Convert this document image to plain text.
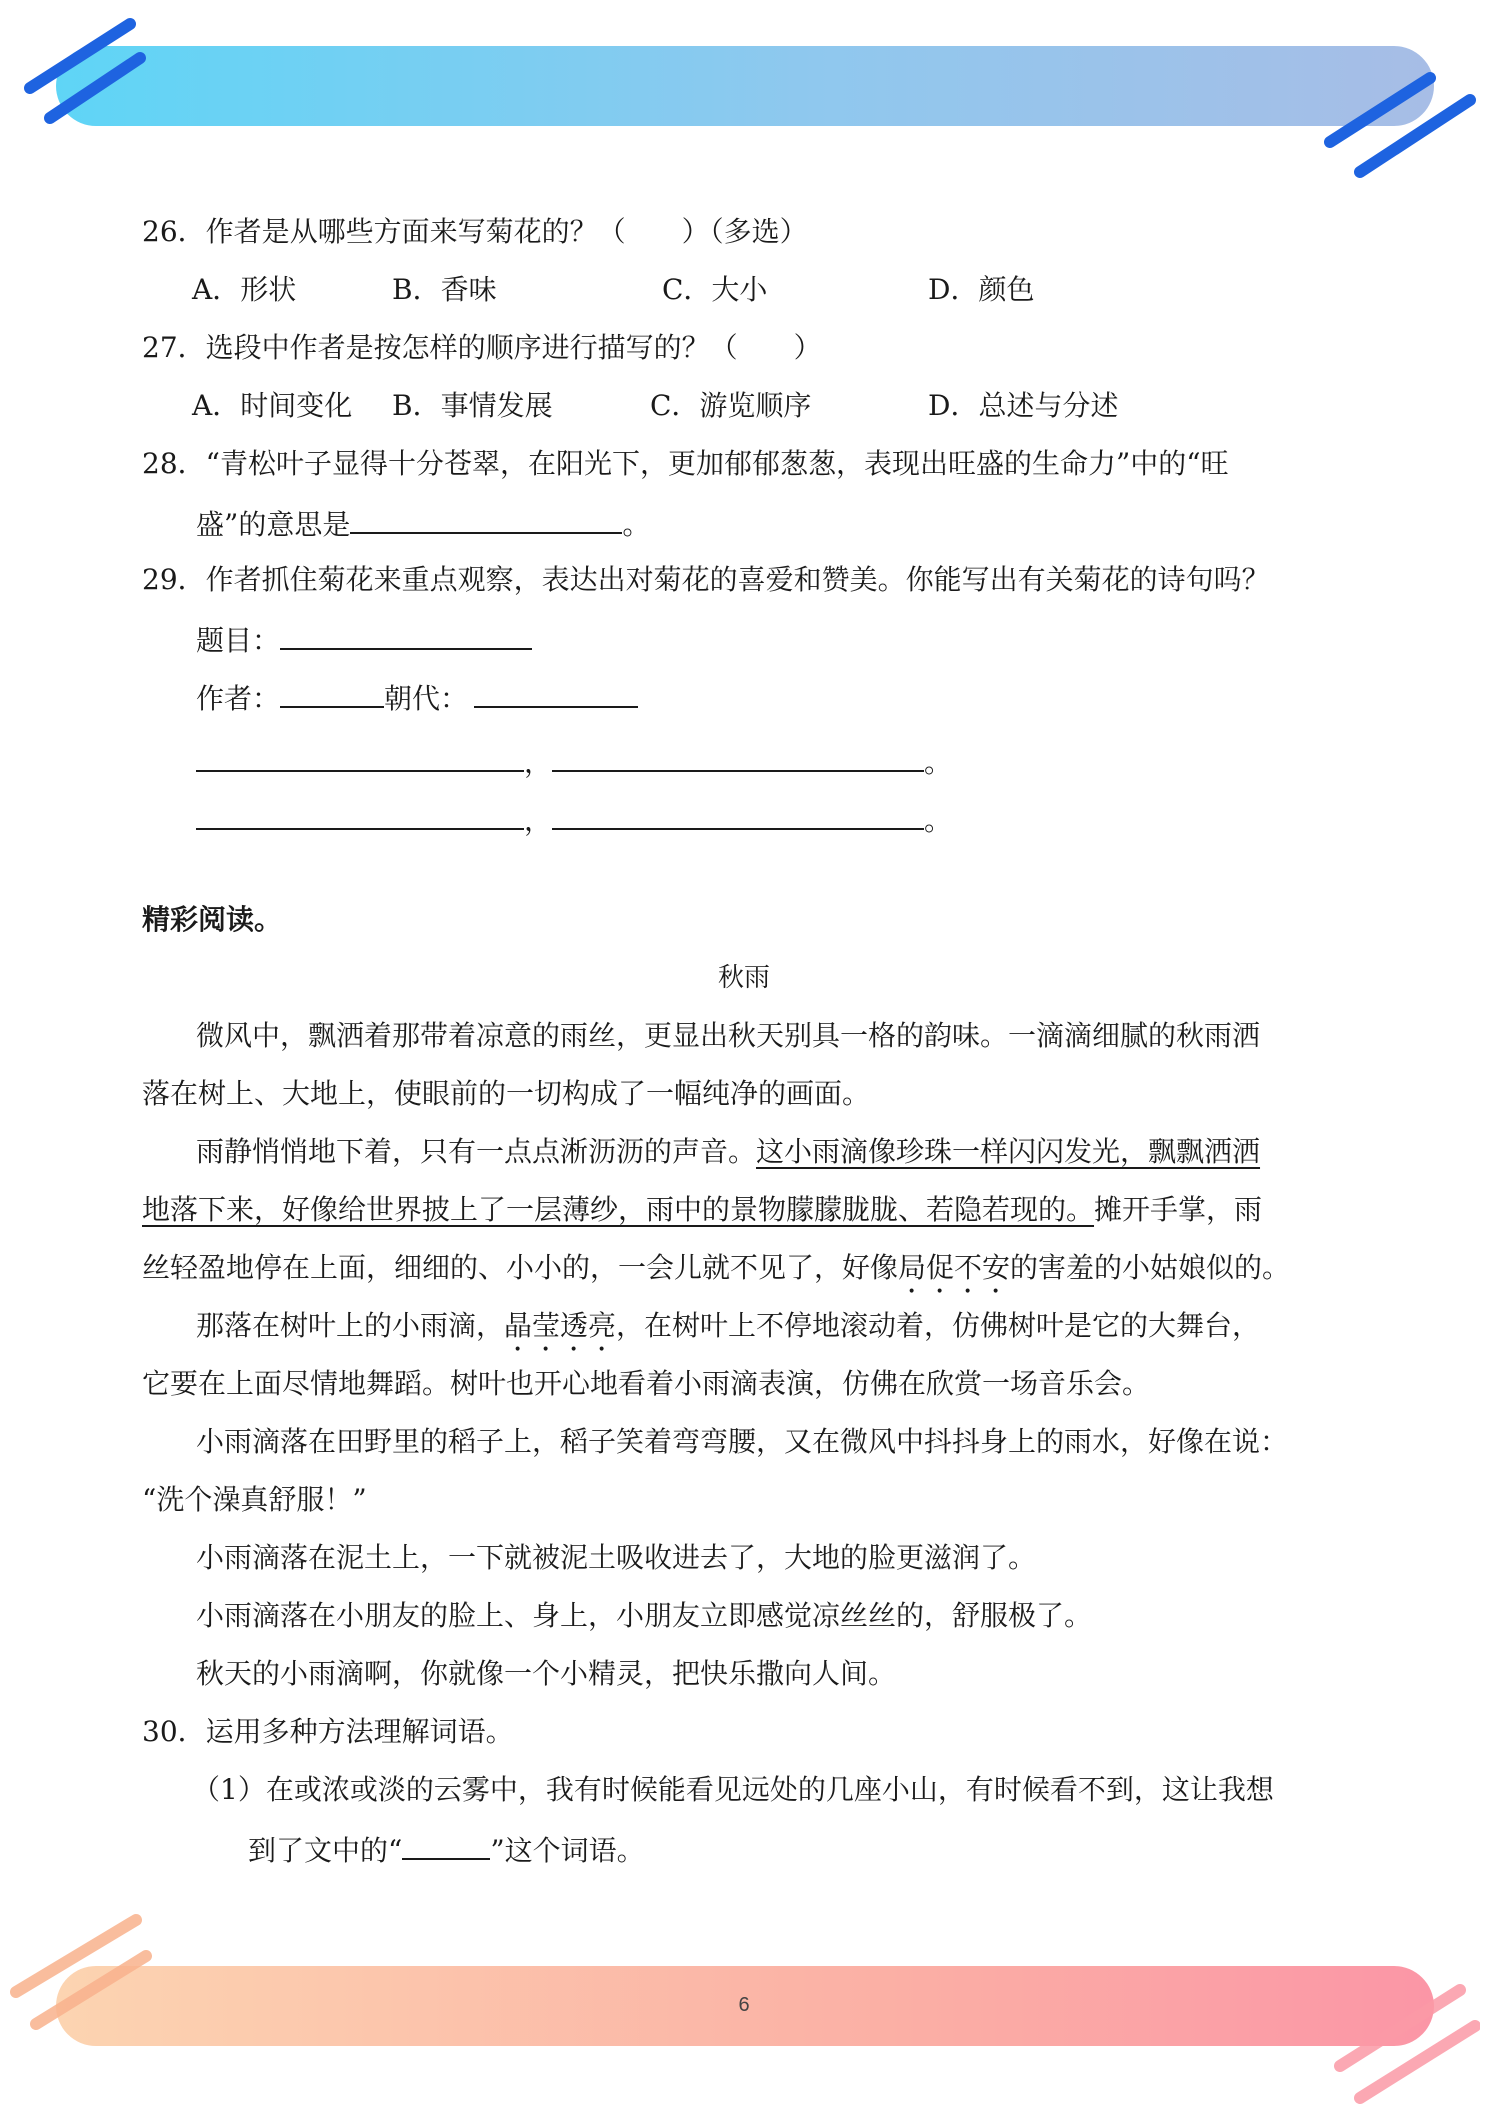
6
26．作者是从哪些方面来写菊花的？（　　）（多选）
A．形状	B．香味	C．大小	D．颜色
27．选段中作者是按怎样的顺序进行描写的？（　　）
A．时间变化 B．事情发展	C．游览顺序	D．总述与分述
28．“青松叶子显得十分苍翠，在阳光下，更加郁郁葱葱，表现出旺盛的生命力”中的“旺
盛”的意思是	。
29．作者抓住菊花来重点观察，表达出对菊花的喜爱和赞美。你能写出有关菊花的诗句吗？
题目：
作者：	朝代：
，	。
，	。
精彩阅读。
秋雨
微风中，飘洒着那带着凉意的雨丝，更显出秋天别具一格的韵味。一滴滴细腻的秋雨洒
落在树上、大地上，使眼前的一切构成了一幅纯净的画面。
雨静悄悄地下着，只有一点点淅沥沥的声音。这小雨滴像珍珠一样闪闪发光，飘飘洒洒
地落下来，好像给世界披上了一层薄纱，雨中的景物朦朦胧胧、若隐若现的。摊开手掌，雨
丝轻盈地停在上面，细细的、小小的，一会儿就不见了，好像局促不安的害羞的小姑娘似的。
那落在树叶上的小雨滴，晶莹透亮，在树叶上不停地滚动着，仿佛树叶是它的大舞台，
它要在上面尽情地舞蹈。树叶也开心地看着小雨滴表演，仿佛在欣赏一场音乐会。
小雨滴落在田野里的稻子上，稻子笑着弯弯腰，又在微风中抖抖身上的雨水，好像在说：
“洗个澡真舒服！”
小雨滴落在泥土上，一下就被泥土吸收进去了，大地的脸更滋润了。
小雨滴落在小朋友的脸上、身上，小朋友立即感觉凉丝丝的，舒服极了。
秋天的小雨滴啊，你就像一个小精灵，把快乐撒向人间。
30．运用多种方法理解词语。
（1）在或浓或淡的云雾中，我有时候能看见远处的几座小山，有时候看不到，这让我想
到了文中的“	”这个词语。
